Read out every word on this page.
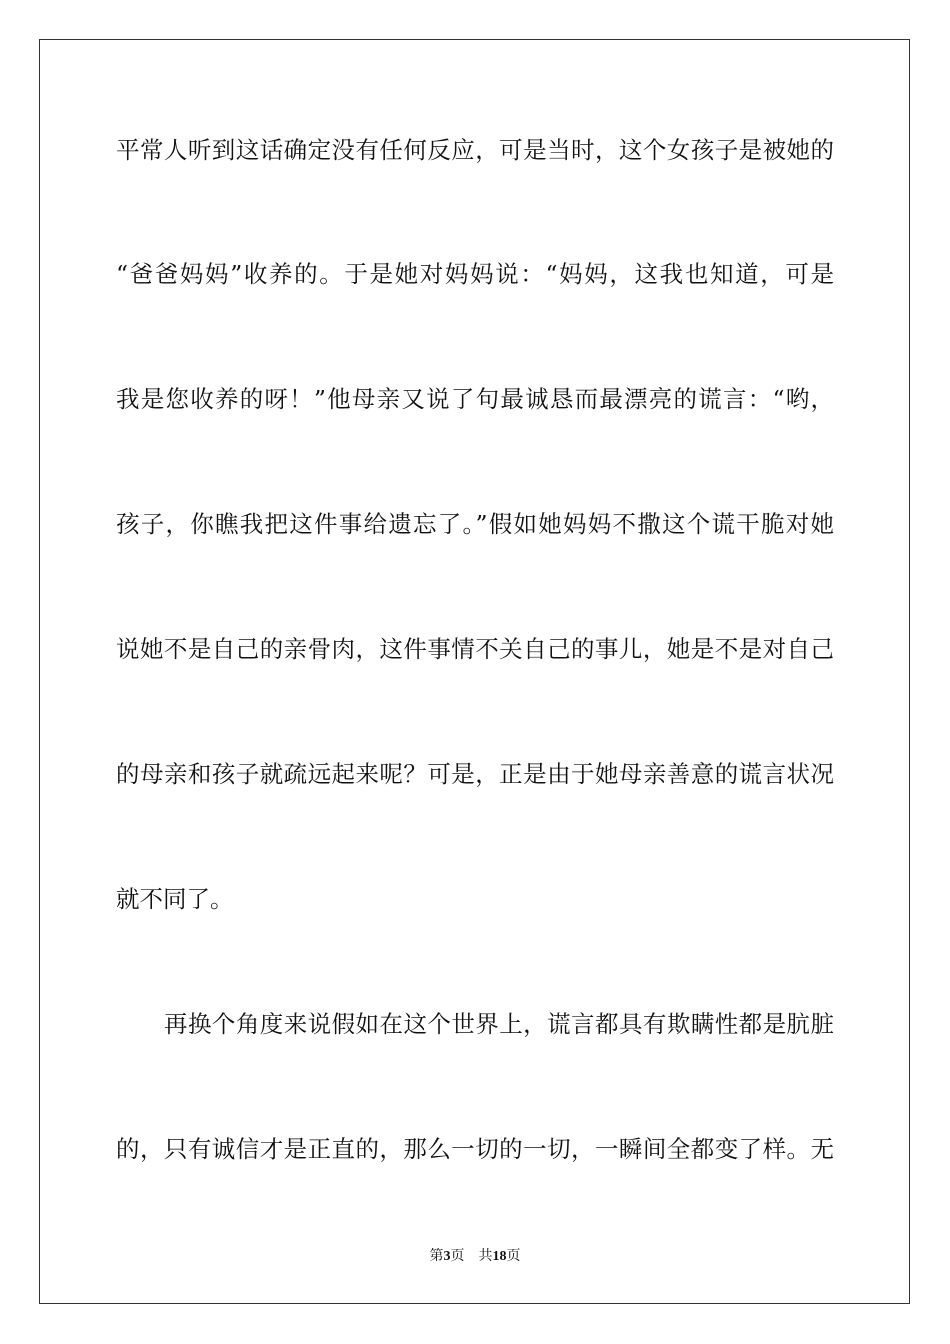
平常人听到这话确定没有任何反应，可是当时，这个女孩子是被她的
“爸爸妈妈”收养的。于是她对妈妈说：“妈妈，这我也知道，可是
我是您收养的呀！”他母亲又说了句最诚恳而最漂亮的谎言：“哟，
孩子，你瞧我把这件事给遗忘了。”假如她妈妈不撒这个谎干脆对她
说她不是自己的亲骨肉，这件事情不关自己的事儿，她是不是对自己
的母亲和孩子就疏远起来呢？可是，正是由于她母亲善意的谎言状况
就不同了。
再换个角度来说假如在这个世界上，谎言都具有欺瞒性都是肮脏
的，只有诚信才是正直的，那么一切的一切，一瞬间全都变了样。无
第3页 共18页
